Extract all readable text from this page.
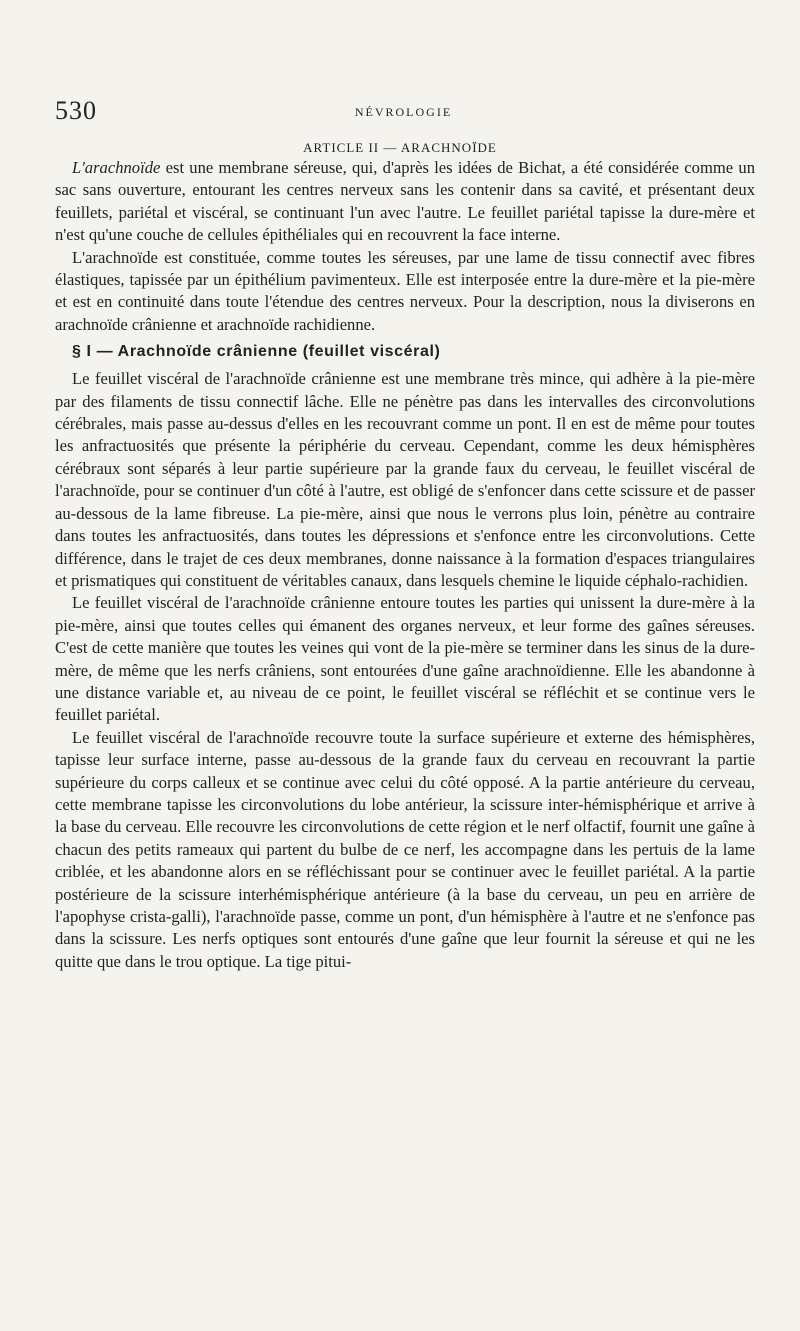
530	NÉVROLOGIE
ARTICLE II — ARACHNOÏDE

L'arachnoïde est une membrane séreuse, qui, d'après les idées de Bichat, a été considérée comme un sac sans ouverture, entourant les centres nerveux sans les contenir dans sa cavité, et présentant deux feuillets, pariétal et viscéral, se continuant l'un avec l'autre. Le feuillet pariétal tapisse la dure-mère et n'est qu'une couche de cellules épithéliales qui en recouvrent la face interne.

L'arachnoïde est constituée, comme toutes les séreuses, par une lame de tissu connectif avec fibres élastiques, tapissée par un épithélium pavimenteux. Elle est interposée entre la dure-mère et la pie-mère et est en continuité dans toute l'étendue des centres nerveux. Pour la description, nous la diviserons en arachnoïde crânienne et arachnoïde rachidienne.

§ I — Arachnoïde crânienne (feuillet viscéral)

Le feuillet viscéral de l'arachnoïde crânienne est une membrane très mince, qui adhère à la pie-mère par des filaments de tissu connectif lâche. Elle ne pénètre pas dans les intervalles des circonvolutions cérébrales, mais passe au-dessus d'elles en les recouvrant comme un pont. Il en est de même pour toutes les anfractuosités que présente la périphérie du cerveau. Cependant, comme les deux hémisphères cérébraux sont séparés à leur partie supérieure par la grande faux du cerveau, le feuillet viscéral de l'arachnoïde, pour se continuer d'un côté à l'autre, est obligé de s'enfoncer dans cette scissure et de passer au-dessous de la lame fibreuse. La pie-mère, ainsi que nous le verrons plus loin, pénètre au contraire dans toutes les anfractuosités, dans toutes les dépressions et s'enfonce entre les circonvolutions. Cette différence, dans le trajet de ces deux membranes, donne naissance à la formation d'espaces triangulaires et prismatiques qui constituent de véritables canaux, dans lesquels chemine le liquide céphalo-rachidien.

Le feuillet viscéral de l'arachnoïde crânienne entoure toutes les parties qui unissent la dure-mère à la pie-mère, ainsi que toutes celles qui émanent des organes nerveux, et leur forme des gaînes séreuses. C'est de cette manière que toutes les veines qui vont de la pie-mère se terminer dans les sinus de la dure-mère, de même que les nerfs crâniens, sont entourées d'une gaîne arachnoïdienne. Elle les abandonne à une distance variable et, au niveau de ce point, le feuillet viscéral se réfléchit et se continue vers le feuillet pariétal.

Le feuillet viscéral de l'arachnoïde recouvre toute la surface supérieure et externe des hémisphères, tapisse leur surface interne, passe au-dessous de la grande faux du cerveau en recouvrant la partie supérieure du corps calleux et se continue avec celui du côté opposé. A la partie antérieure du cerveau, cette membrane tapisse les circonvolutions du lobe antérieur, la scissure inter-hémisphérique et arrive à la base du cerveau. Elle recouvre les circonvolutions de cette région et le nerf olfactif, fournit une gaîne à chacun des petits rameaux qui partent du bulbe de ce nerf, les accompagne dans les pertuis de la lame criblée, et les abandonne alors en se réfléchissant pour se continuer avec le feuillet pariétal. A la partie postérieure de la scissure interhémisphérique antérieure (à la base du cerveau, un peu en arrière de l'apophyse crista-galli), l'arachnoïde passe, comme un pont, d'un hémisphère à l'autre et ne s'enfonce pas dans la scissure. Les nerfs optiques sont entourés d'une gaîne que leur fournit la séreuse et qui ne les quitte que dans le trou optique. La tige pitui-
